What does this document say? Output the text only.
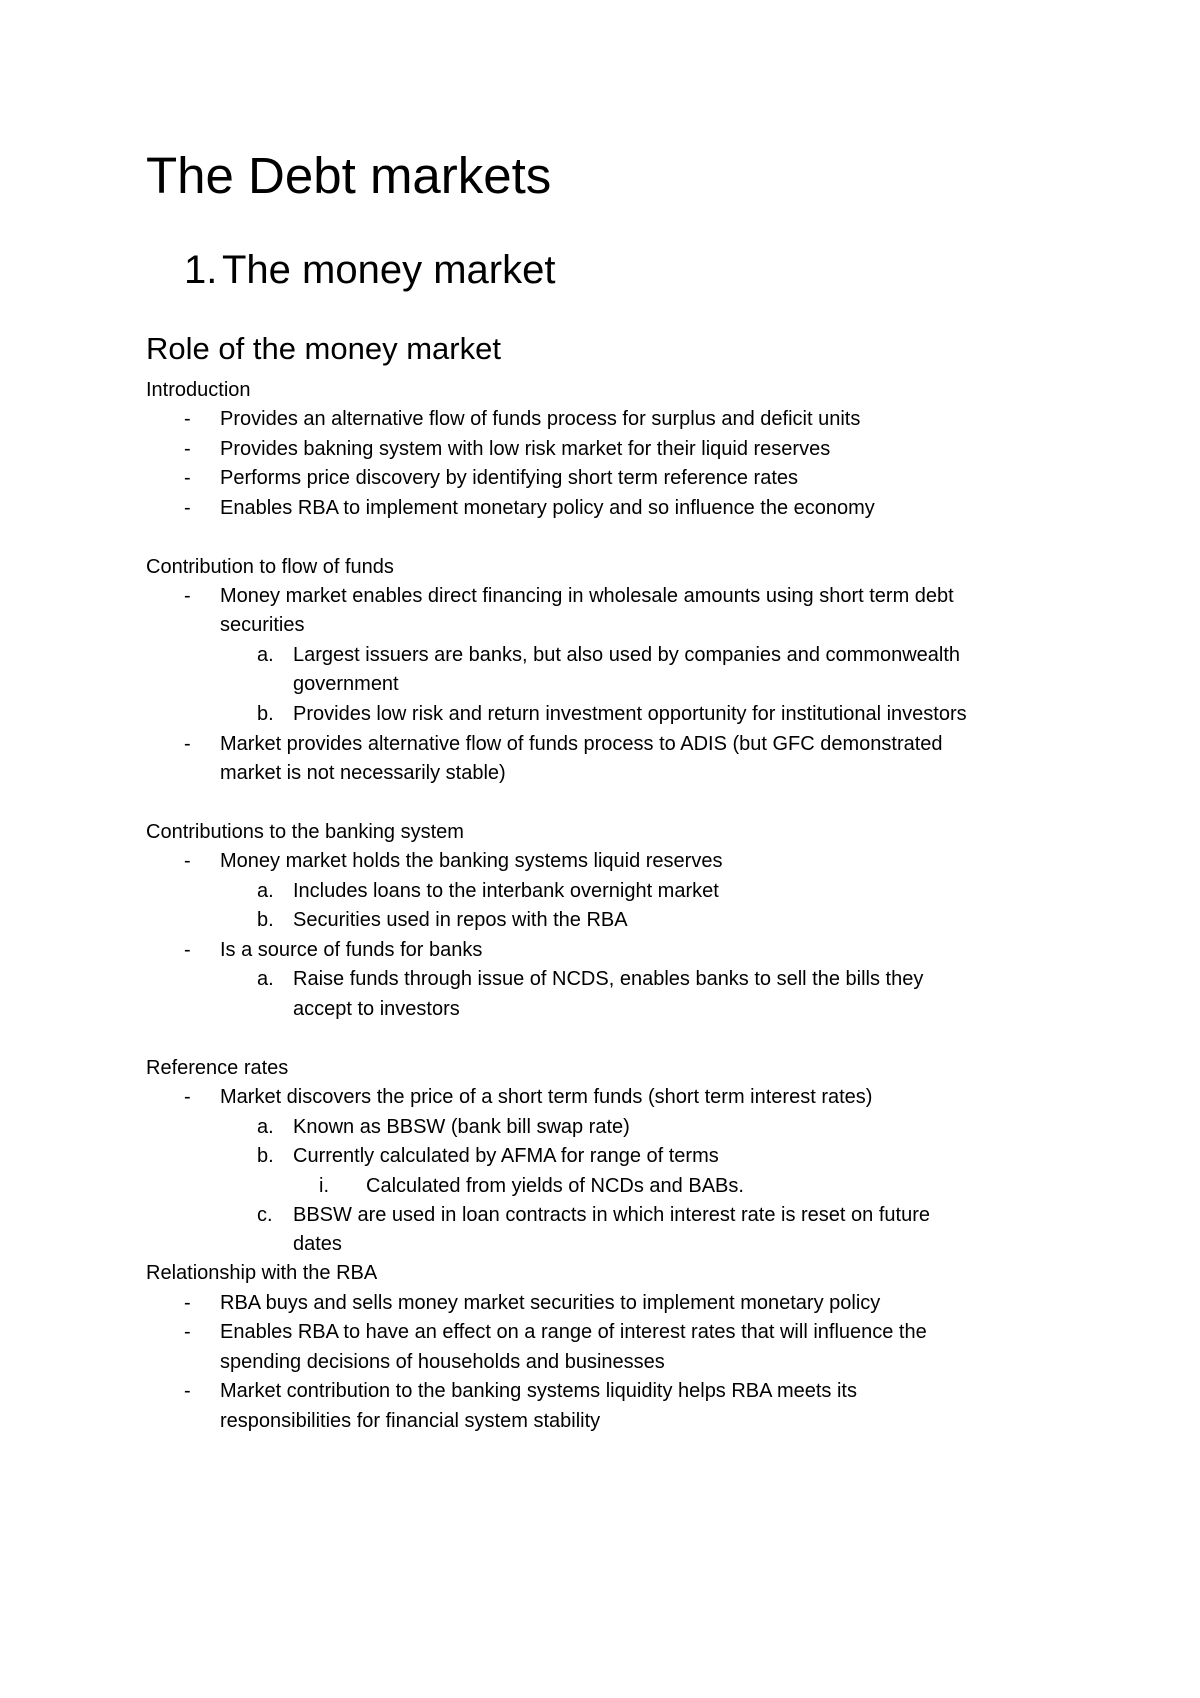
The Debt markets
1. The money market
Role of the money market

Introduction

- Provides an alternative flow of funds process for surplus and deficit units

- Provides bakning system with low risk market for their liquid reserves

- Performs price discovery by identifying short term reference rates

- Enables RBA to implement monetary policy and so influence the economy

Contribution to flow of funds

- Money market enables direct financing in wholesale amounts using short term debt

securities

a. Largest issuers are banks, but also used by companies and commonwealth

government

b. Provides low risk and return investment opportunity for institutional investors

- Market provides alternative flow of funds process to ADIS (but GFC demonstrated

market is not necessarily stable)

Contributions to the banking system

- Money market holds the banking systems liquid reserves

a. Includes loans to the interbank overnight market

b. Securities used in repos with the RBA

- Is a source of funds for banks

a. Raise funds through issue of NCDS, enables banks to sell the bills they

accept to investors

Reference rates

- Market discovers the price of a short term funds (short term interest rates)

a. Known as BBSW (bank bill swap rate)

b. Currently calculated by AFMA for range of terms

i. Calculated from yields of NCDs and BABs.

c. BBSW are used in loan contracts in which interest rate is reset on future

dates

Relationship with the RBA

- RBA buys and sells money market securities to implement monetary policy

- Enables RBA to have an effect on a range of interest rates that will influence the

spending decisions of households and businesses

- Market contribution to the banking systems liquidity helps RBA meets its

responsibilities for financial system stability
